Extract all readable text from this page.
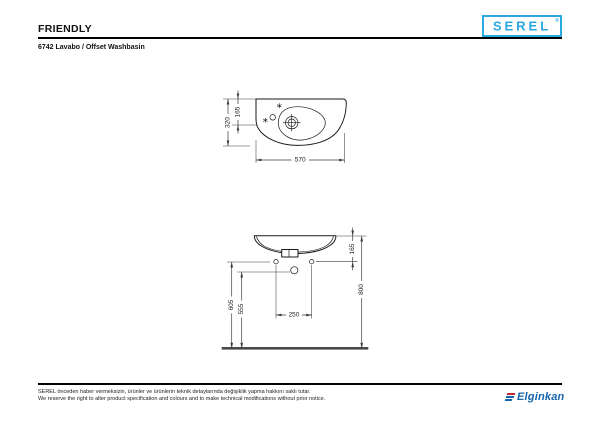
FRIENDLY	SEREL ®
6742 Lavabo / Offset Washbasin
320
165
570
165
800
605 555
250
SEREL önceden haber vermeksizin, ürünler ve ürünlerin teknik detaylarında değişiklik yapma hakkını saklı tutar.
We reserve the right to alter product specification and colours and to make technical modifications without prior notice.	Elginkan
